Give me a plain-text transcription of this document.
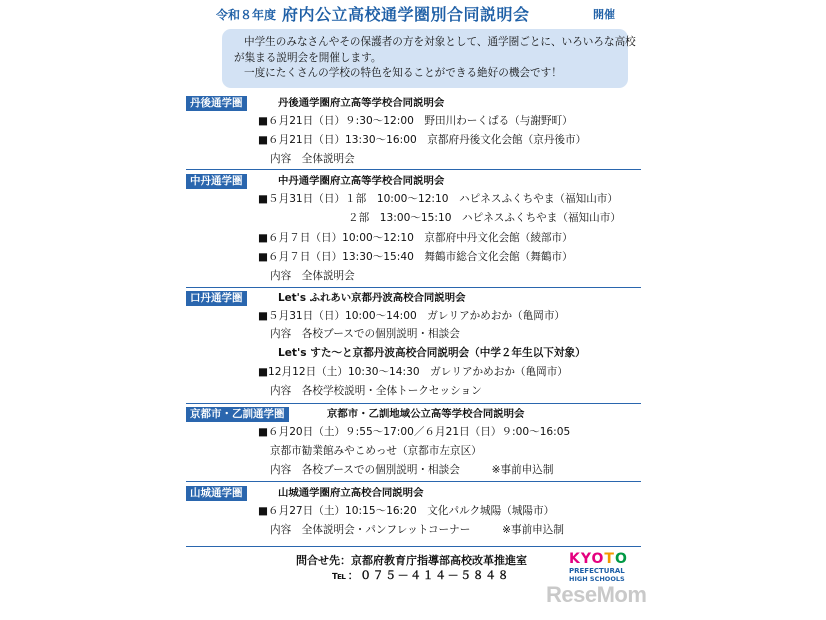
令和８年度 府内公立高校通学圏別合同説明会	開催

中学生のみなさんやその保護者の方を対象として、通学圏ごとに、いろいろな高校

が集まる説明会を開催します。

一度にたくさんの学校の特色を知ることができる絶好の機会です！

丹後通学圏	丹後通学圏府立高等学校合同説明会
■６月21日（日）９:30～12:00　野田川わーくぱる（与謝野町）
■６月21日（日）13:30～16:00　京都府丹後文化会館（京丹後市）
内容　全体説明会
中丹通学圏	中丹通学圏府立高等学校合同説明会
■５月31日（日）１部　10:00～12:10　ハピネスふくちやま（福知山市）
２部　13:00～15:10　ハピネスふくちやま（福知山市）
■６月７日（日）10:00～12:10　京都府中丹文化会館（綾部市）
■６月７日（日）13:30～15:40　舞鶴市総合文化会館（舞鶴市）
内容　全体説明会
口丹通学圏	Let's ふれあい京都丹波高校合同説明会
■５月31日（日）10:00～14:00　ガレリアかめおか（亀岡市）
内容　各校ブースでの個別説明・相談会
Let's すた～と京都丹波高校合同説明会（中学２年生以下対象）
■12月12日（土）10:30～14:30　ガレリアかめおか（亀岡市）
内容　各校学校説明・全体トークセッション
京都市・乙訓通学圏	京都市・乙訓地域公立高等学校合同説明会
■６月20日（土）９:55～17:00／６月21日（日）９:00～16:05
京都市勧業館みやこめっせ（京都市左京区）
内容　各校ブースでの個別説明・相談会　　　※事前申込制
山城通学圏	山城通学圏府立高校合同説明会
■６月27日（土）10:15～16:20　文化パルク城陽（城陽市）
内容　全体説明会・パンフレットコーナー　　　※事前申込制
問合せ先：京都府教育庁指導部高校改革推進室
℡：０７５－４１４－５８４８
KYOTO
PREFECTURAL
HIGH SCHOOLS
ReseMom
